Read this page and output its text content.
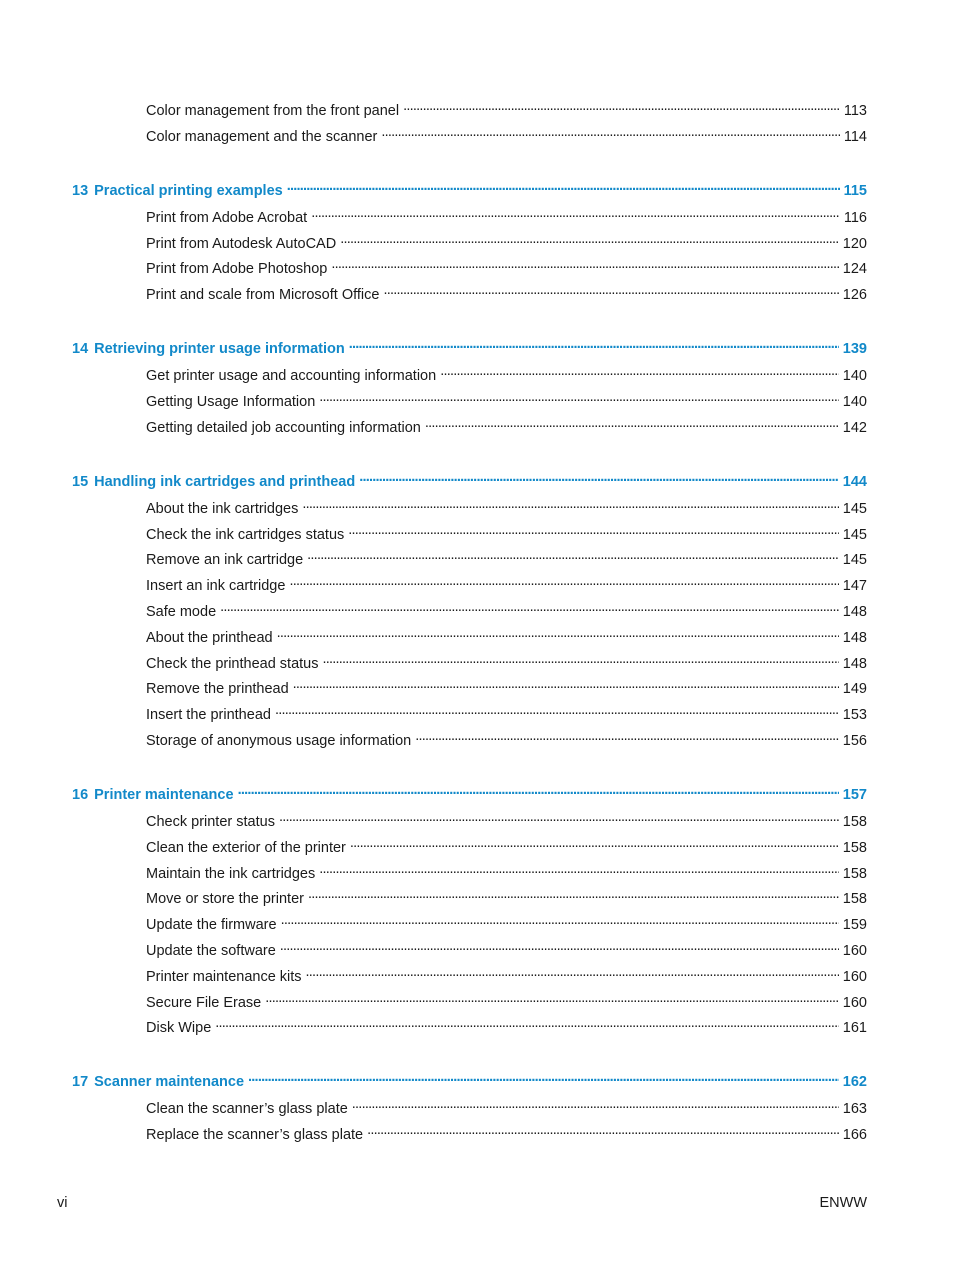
Color management from the front panel . . .	113
Color management and the scanner . . .	114
13 Practical printing examples . . .	115
Print from Adobe Acrobat . . .	116
Print from Autodesk AutoCAD . . .	120
Print from Adobe Photoshop . . .	124
Print and scale from Microsoft Office . . .	126
14 Retrieving printer usage information . . .	139
Get printer usage and accounting information . . .	140
Getting Usage Information . . .	140
Getting detailed job accounting information . . .	142
15 Handling ink cartridges and printhead . . .	144
About the ink cartridges . . .	145
Check the ink cartridges status . . .	145
Remove an ink cartridge . . .	145
Insert an ink cartridge . . .	147
Safe mode . . .	148
About the printhead . . .	148
Check the printhead status . . .	148
Remove the printhead . . .	149
Insert the printhead . . .	153
Storage of anonymous usage information . . .	156
16 Printer maintenance . . .	157
Check printer status . . .	158
Clean the exterior of the printer . . .	158
Maintain the ink cartridges . . .	158
Move or store the printer . . .	158
Update the firmware . . .	159
Update the software . . .	160
Printer maintenance kits . . .	160
Secure File Erase . . .	160
Disk Wipe . . .	161
17 Scanner maintenance . . .	162
Clean the scanner’s glass plate . . .	163
Replace the scanner’s glass plate . . .	166
vi	ENWW
